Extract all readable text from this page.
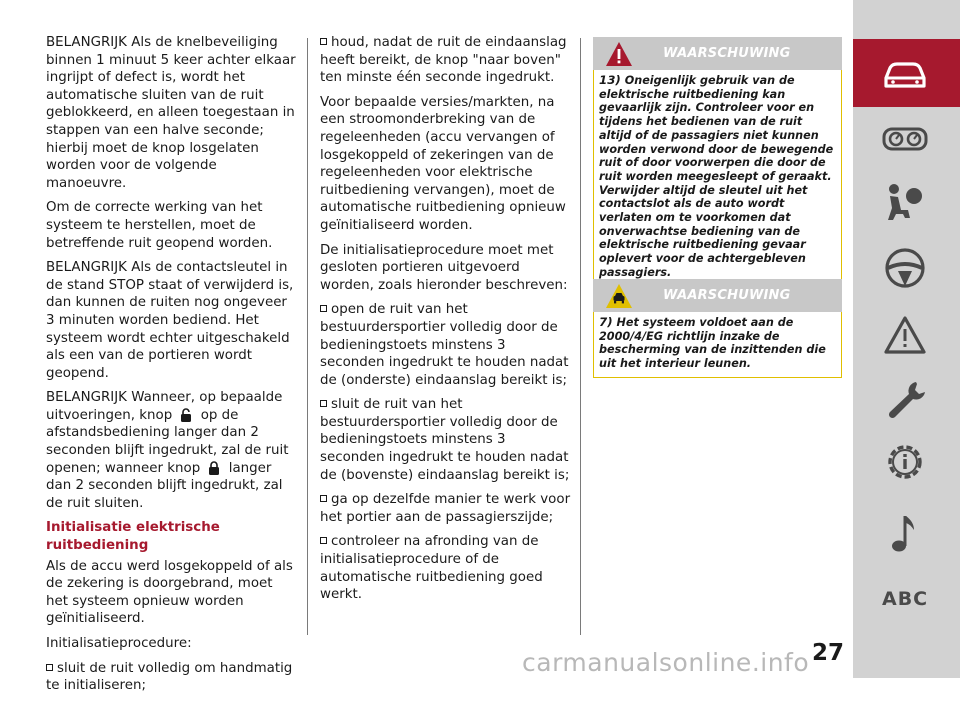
BELANGRIJK Als de knelbeveiliging binnen 1 minuut 5 keer achter elkaar ingrijpt of defect is, wordt het automatische sluiten van de ruit geblokkeerd, en alleen toegestaan in stappen van een halve seconde; hierbij moet de knop losgelaten worden voor de volgende manoeuvre.

Om de correcte werking van het systeem te herstellen, moet de betreffende ruit geopend worden.

BELANGRIJK Als de contactsleutel in de stand STOP staat of verwijderd is, dan kunnen de ruiten nog ongeveer 3 minuten worden bediend. Het systeem wordt echter uitgeschakeld als een van de portieren wordt geopend.

BELANGRIJK Wanneer, op bepaalde uitvoeringen, knop op de afstandsbediening langer dan 2 seconden blijft ingedrukt, zal de ruit openen; wanneer knop langer dan 2 seconden blijft ingedrukt, zal de ruit sluiten.

Initialisatie elektrische ruitbediening

Als de accu werd losgekoppeld of als de zekering is doorgebrand, moet het systeem opnieuw worden geïnitialiseerd.

Initialisatieprocedure:

sluit de ruit volledig om handmatig te initialiseren;

houd, nadat de ruit de eindaanslag heeft bereikt, de knop "naar boven" ten minste één seconde ingedrukt.

Voor bepaalde versies/markten, na een stroomonderbreking van de regeleenheden (accu vervangen of losgekoppeld of zekeringen van de regeleenheden voor elektrische ruitbediening vervangen), moet de automatische ruitbediening opnieuw geïnitialiseerd worden.

De initialisatieprocedure moet met gesloten portieren uitgevoerd worden, zoals hieronder beschreven:

open de ruit van het bestuurdersportier volledig door de bedieningstoets minstens 3 seconden ingedrukt te houden nadat de (onderste) eindaanslag bereikt is;

sluit de ruit van het bestuurdersportier volledig door de bedieningstoets minstens 3 seconden ingedrukt te houden nadat de (bovenste) eindaanslag bereikt is;

ga op dezelfde manier te werk voor het portier aan de passagierszijde;

controleer na afronding van de initialisatieprocedure of de automatische ruitbediening goed werkt.

WAARSCHUWING
13) Oneigenlijk gebruik van de elektrische ruitbediening kan gevaarlijk zijn. Controleer voor en tijdens het bedienen van de ruit altijd of de passagiers niet kunnen worden verwond door de bewegende ruit of door voorwerpen die door de ruit worden meegesleept of geraakt. Verwijder altijd de sleutel uit het contactslot als de auto wordt verlaten om te voorkomen dat onverwachtse bediening van de elektrische ruitbediening gevaar oplevert voor de achtergebleven passagiers.
WAARSCHUWING
7) Het systeem voldoet aan de 2000/4/EG richtlijn inzake de bescherming van de inzittenden die uit het interieur leunen.
ABC
27
carmanualsonline.info
